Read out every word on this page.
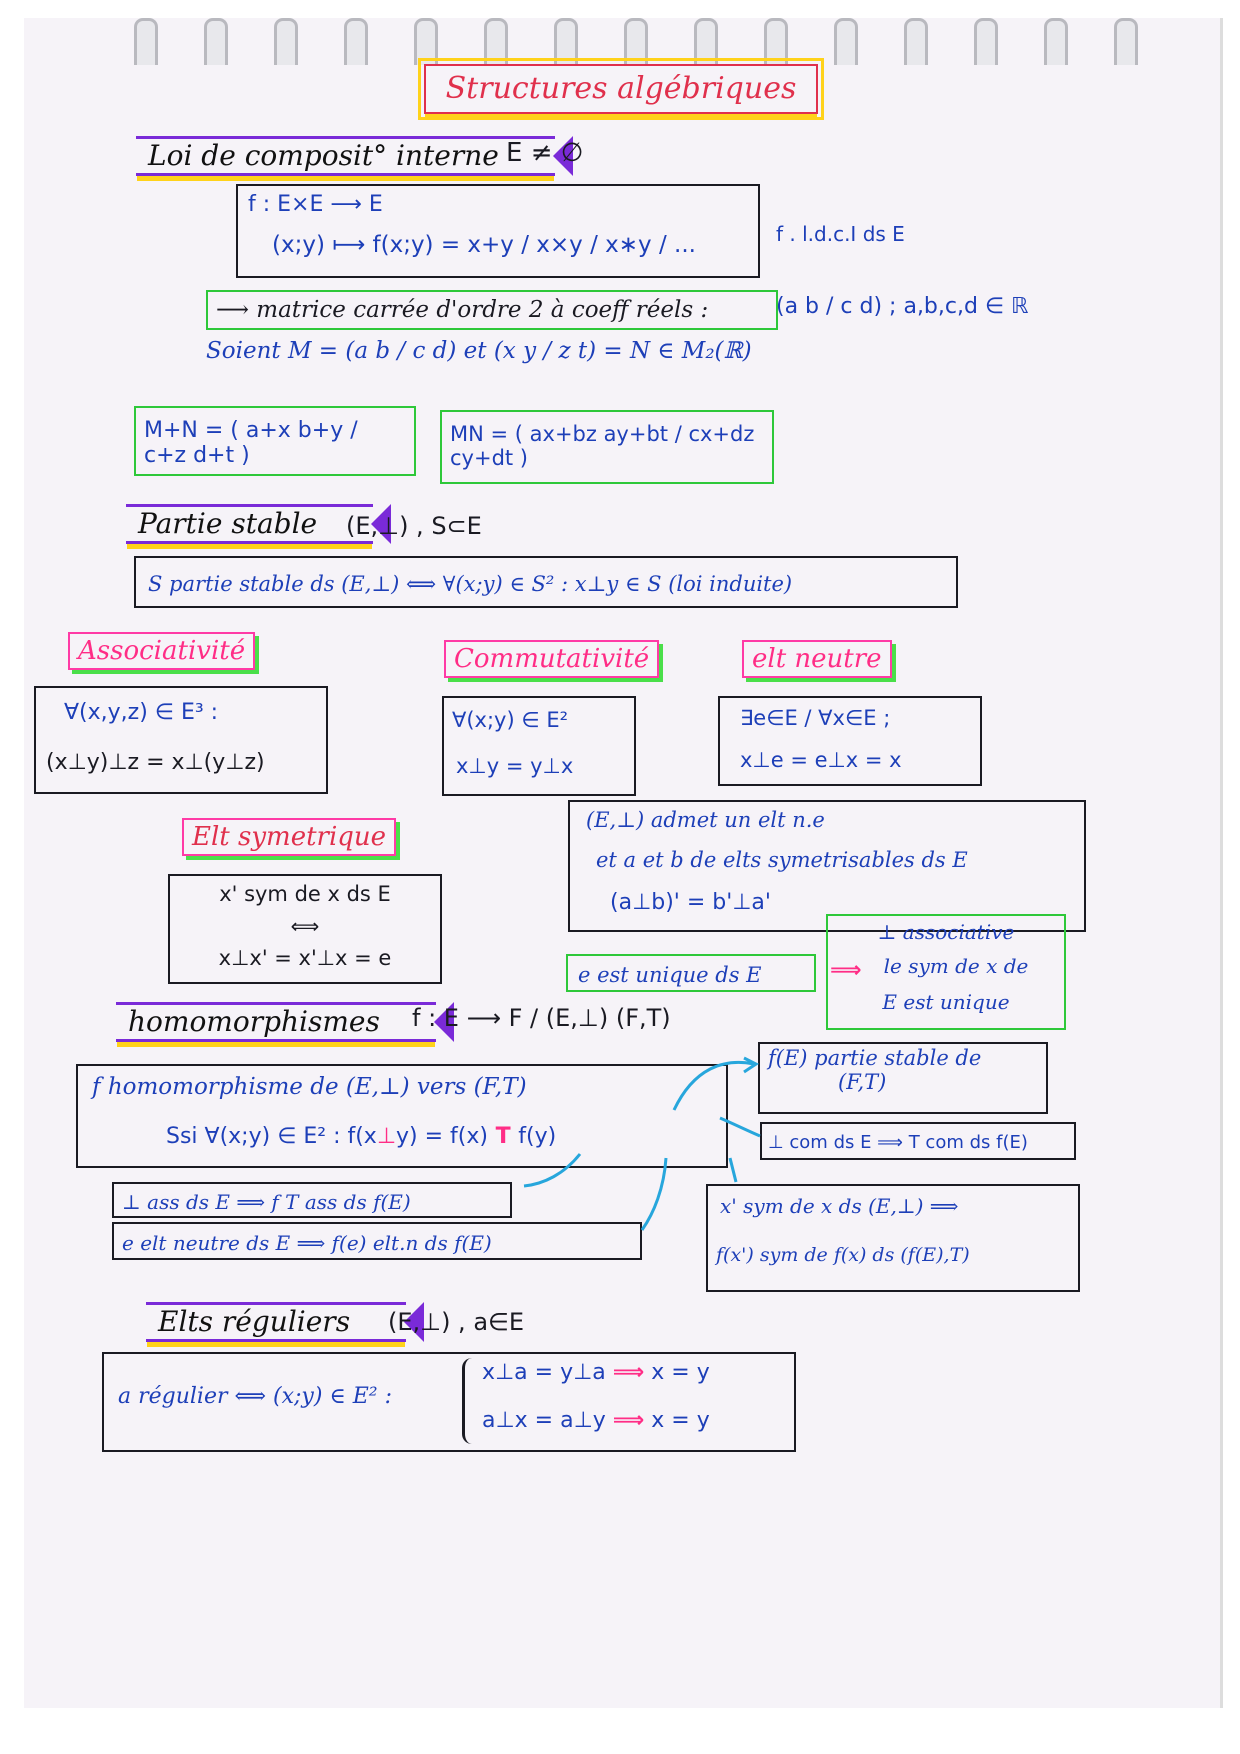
Structures algébriques
Loi de composit° interne E ≠ ∅
f : E×E ⟶ E
(x;y) ⟼ f(x;y) = x+y / x×y / x∗y / ...	f . l.d.c.I ds E
⟶ matrice carrée d'ordre 2 à coeff réels :	(a b / c d) ; a,b,c,d ∈ ℝ
Soient M = (a b / c d) et (x y / z t) = N ∈ M₂(ℝ)
M+N = ( a+x b+y / c+z d+t )
MN = ( ax+bz ay+bt / cx+dz cy+dt )
Partie stable	(E,⊥) , S⊂E
S partie stable ds (E,⊥) ⟺ ∀(x;y) ∈ S² : x⊥y ∈ S (loi induite)
Associativité
∀(x,y,z) ∈ E³ :
(x⊥y)⊥z = x⊥(y⊥z)
Commutativité
∀(x;y) ∈ E²
x⊥y = y⊥x
elt neutre
∃e∈E / ∀x∈E ;
x⊥e = e⊥x = x
Elt symetrique
x' sym de x ds E
⟺
x⊥x' = x'⊥x = e
(E,⊥) admet un elt n.e
et a et b de elts symetrisables ds E
(a⊥b)' = b'⊥a'
e est unique ds E	⟹
⊥ associative
le sym de x de
E est unique
homomorphismes	f : E ⟶ F / (E,⊥) (F,T)
f homomorphisme de (E,⊥) vers (F,T)
Ssi ∀(x;y) ∈ E² : f(x⊥y) = f(x) T f(y)
f(E) partie stable de
(F,T)
⊥ com ds E ⟹ T com ds f(E)
⊥ ass ds E ⟹ f T ass ds f(E)
e elt neutre ds E ⟹ f(e) elt.n ds f(E)
x' sym de x ds (E,⊥) ⟹
f(x') sym de f(x) ds (f(E),T)
Elts réguliers	(E,⊥) , a∈E
a régulier ⟺ (x;y) ∈ E² :
x⊥a = y⊥a ⟹ x = y
a⊥x = a⊥y ⟹ x = y
